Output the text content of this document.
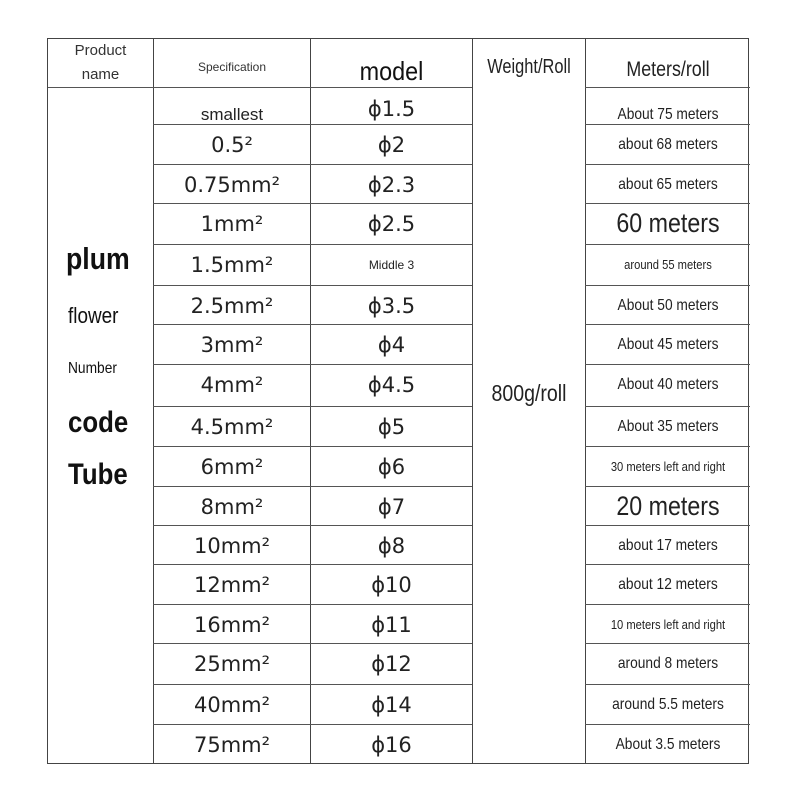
Product
name	Specification	model	Weight/Roll	Meters/roll
plum
flower
Number
code
Tube
800g/roll
smallest	ϕ1.5	About 75 meters
0.5²	ϕ2	about 68 meters
0.75mm²	ϕ2.3	about 65 meters
1mm²	ϕ2.5	60 meters
1.5mm²	Middle 3	around 55 meters
2.5mm²	ϕ3.5	About 50 meters
3mm²	ϕ4	About 45 meters
4mm²	ϕ4.5	About 40 meters
4.5mm²	ϕ5	About 35 meters
6mm²	ϕ6	30 meters left and right
8mm²	ϕ7	20 meters
10mm²	ϕ8	about 17 meters
12mm²	ϕ10	about 12 meters
16mm²	ϕ11	10 meters left and right
25mm²	ϕ12	around 8 meters
40mm²	ϕ14	around 5.5 meters
75mm²	ϕ16	About 3.5 meters
